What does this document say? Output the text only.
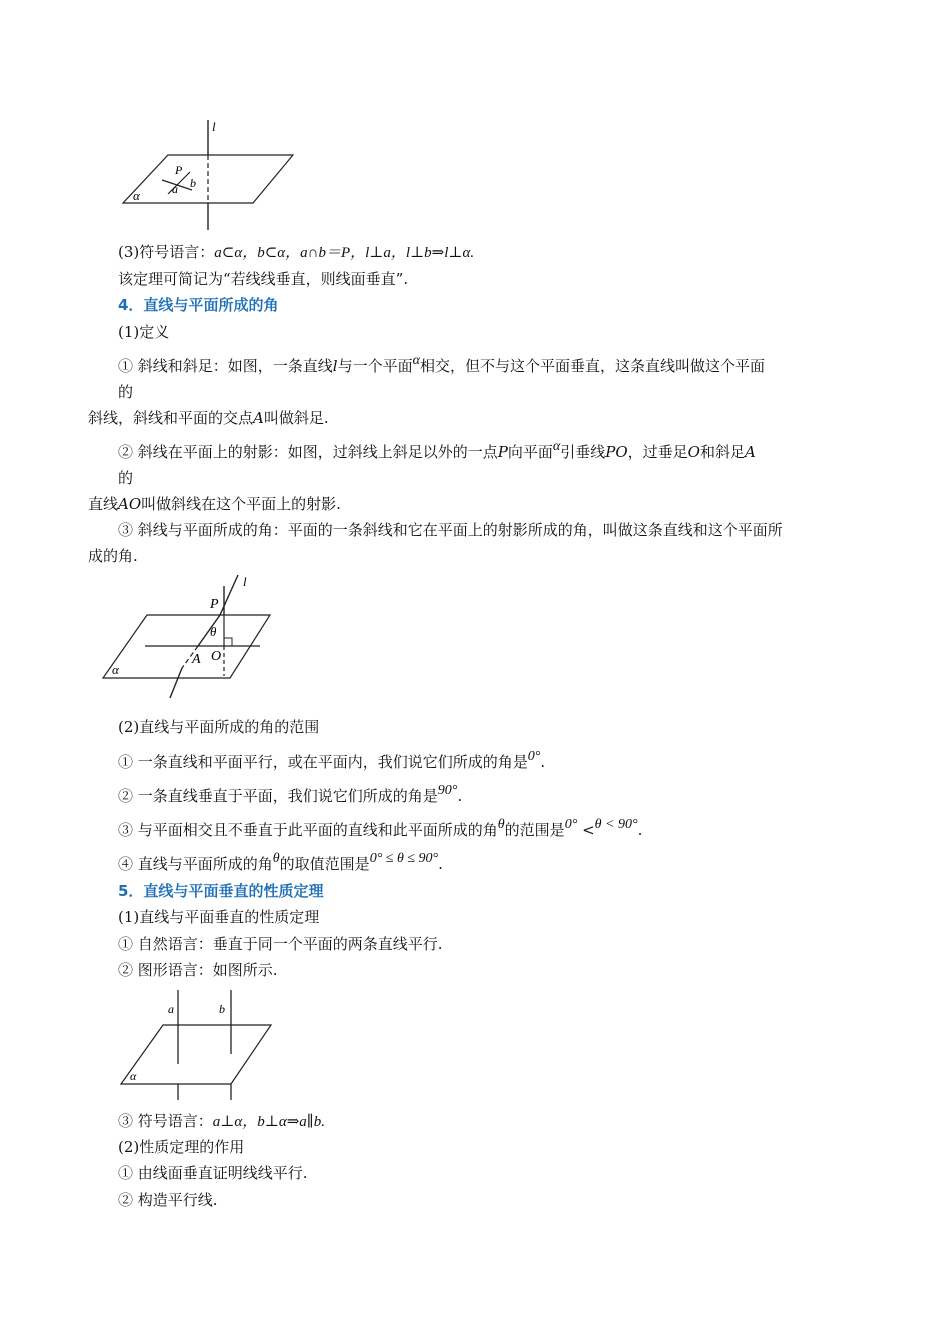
l
P
a b
α
(3)符号语言：a⊂α，b⊂α，a∩b＝P，l⊥a，l⊥b⇒l⊥α.
该定理可简记为“若线线垂直，则线面垂直”.
4．直线与平面所成的角
(1)定义
① 斜线和斜足：如图，一条直线l与一个平面α相交，但不与这个平面垂直，这条直线叫做这个平面
的
斜线，斜线和平面的交点A叫做斜足.
② 斜线在平面上的射影：如图，过斜线上斜足以外的一点P向平面α引垂线PO，过垂足O和斜足A
的
直线AO叫做斜线在这个平面上的射影.
③ 斜线与平面所成的角：平面的一条斜线和它在平面上的射影所成的角，叫做这条直线和这个平面所
成的角.
l
P
θ
A O
α
(2)直线与平面所成的角的范围
① 一条直线和平面平行，或在平面内，我们说它们所成的角是0°.
② 一条直线垂直于平面，我们说它们所成的角是90°.
③ 与平面相交且不垂直于此平面的直线和此平面所成的角θ的范围是0° <θ < 90°.
④ 直线与平面所成的角θ的取值范围是0° ≤ θ ≤ 90°.
5．直线与平面垂直的性质定理
(1)直线与平面垂直的性质定理
① 自然语言：垂直于同一个平面的两条直线平行.
② 图形语言：如图所示.
a	b
α
③ 符号语言：a⊥α，b⊥α⇒a∥b.
(2)性质定理的作用
① 由线面垂直证明线线平行.
② 构造平行线.
